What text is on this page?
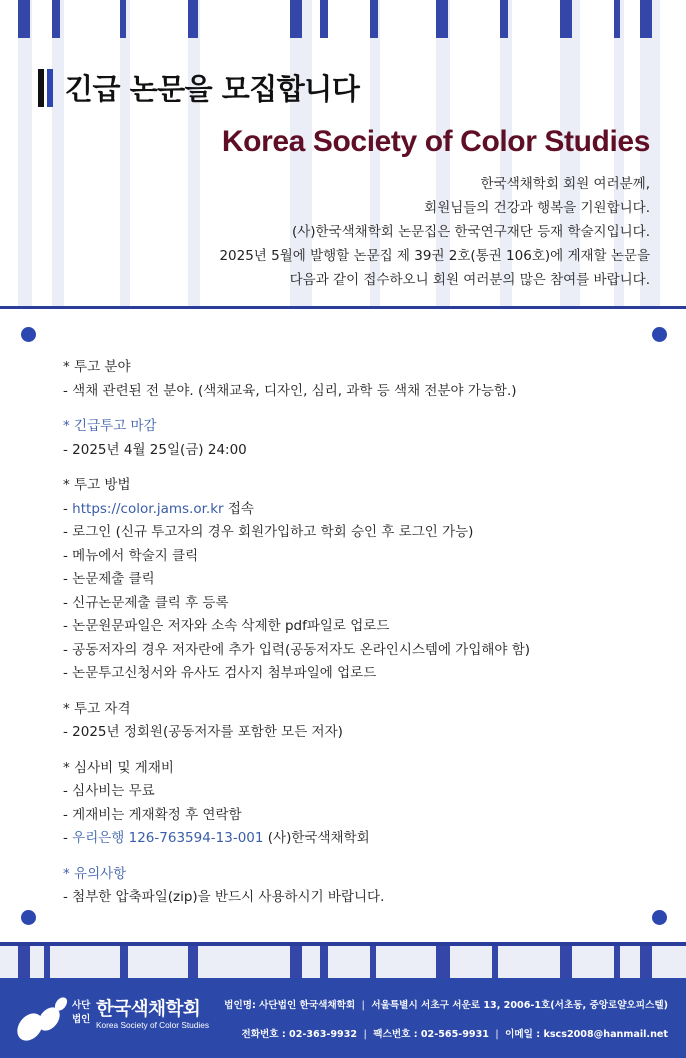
긴급 논문을 모집합니다
Korea Society of Color Studies
한국색채학회 회원 여러분께,
회원님들의 건강과 행복을 기원합니다.
(사)한국색채학회 논문집은 한국연구재단 등재 학술지입니다.
2025년 5월에 발행할 논문집 제 39권 2호(통권 106호)에 게재할 논문을
다음과 같이 접수하오니 회원 여러분의 많은 참여를 바랍니다.
* 투고 분야
- 색채 관련된 전 분야. (색채교육, 디자인, 심리, 과학 등 색채 전분야 가능함.)
* 긴급투고 마감
- 2025년 4월 25일(금) 24:00
* 투고 방법
- https://color.jams.or.kr 접속
- 로그인 (신규 투고자의 경우 회원가입하고 학회 승인 후 로그인 가능)
- 메뉴에서 학술지 클릭
- 논문제출 클릭
- 신규논문제출 클릭 후 등록
- 논문원문파일은 저자와 소속 삭제한 pdf파일로 업로드
- 공동저자의 경우 저자란에 추가 입력(공동저자도 온라인시스템에 가입해야 함)
- 논문투고신청서와 유사도 검사지 첨부파일에 업로드
* 투고 자격
- 2025년 정회원(공동저자를 포함한 모든 저자)
* 심사비 및 게재비
- 심사비는 무료
- 게재비는 게재확정 후 연락함
- 우리은행 126-763594-13-001 (사)한국색채학회
* 유의사항
- 첨부한 압축파일(zip)을 반드시 사용하시기 바랍니다.
사단
법인 한국색채학회
Korea Society of Color Studies
법인명: 사단법인 한국색채학회 | 서울특별시 서초구 서운로 13, 2006-1호(서초동, 중앙로얄오피스텔)
전화번호 : 02-363-9932 | 팩스번호 : 02-565-9931 | 이메일 : kscs2008@hanmail.net
